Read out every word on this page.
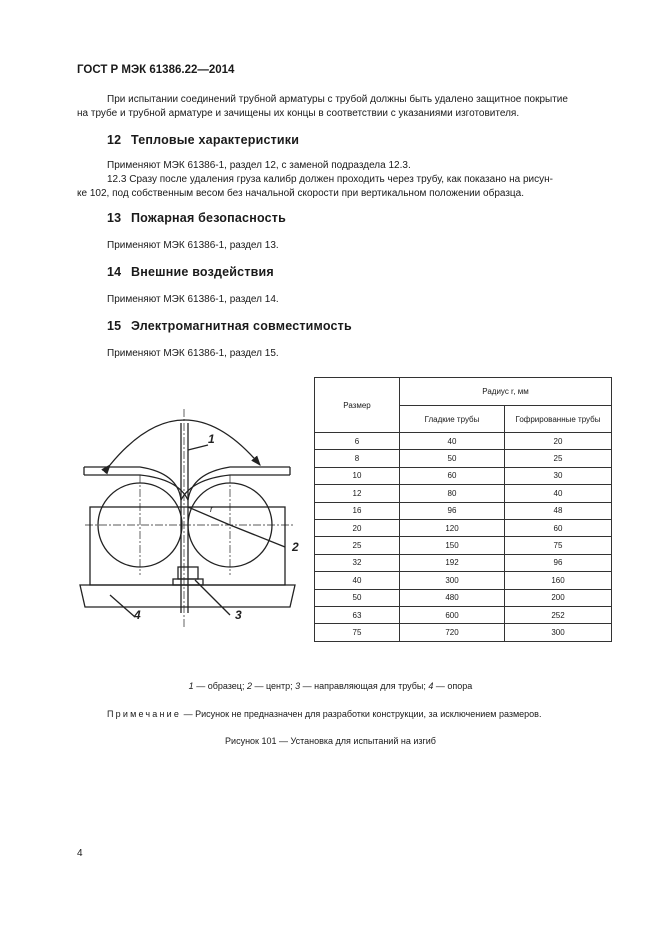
ГОСТ Р МЭК 61386.22—2014

При испытании соединений трубной арматуры с трубой должны быть удалено защитное покрытие

на трубе и трубной арматуре и зачищены их концы в соответствии с указаниями изготовителя.
12 Тепловые характеристики

Применяют МЭК 61386-1, раздел 12, с заменой подраздела 12.3.

12.3 Сразу после удаления груза калибр должен проходить через трубу, как показано на рисун-

ке 102, под собственным весом без начальной скорости при вертикальном положении образца.
13 Пожарная безопасность
Применяют МЭК 61386-1, раздел 13.
14 Внешние воздействия
Применяют МЭК 61386-1, раздел 14.
15 Электромагнитная совместимость
Применяют МЭК 61386-1, раздел 15.
1
2
3
4
r
Размер	Радиус r, мм	
	Гладкие трубы	Гофрированные трубы
6	40	20
8	50	25
10	60	30
12	80	40
16	96	48
20	120	60
25	150	75
32	192	96
40	300	160
50	480	200
63	600	252
75	720	300
1 — образец; 2 — центр; 3 — направляющая для трубы; 4 — опора
Примечание — Рисунок не предназначен для разработки конструкции, за исключением размеров.
Рисунок 101 — Установка для испытаний на изгиб
4
